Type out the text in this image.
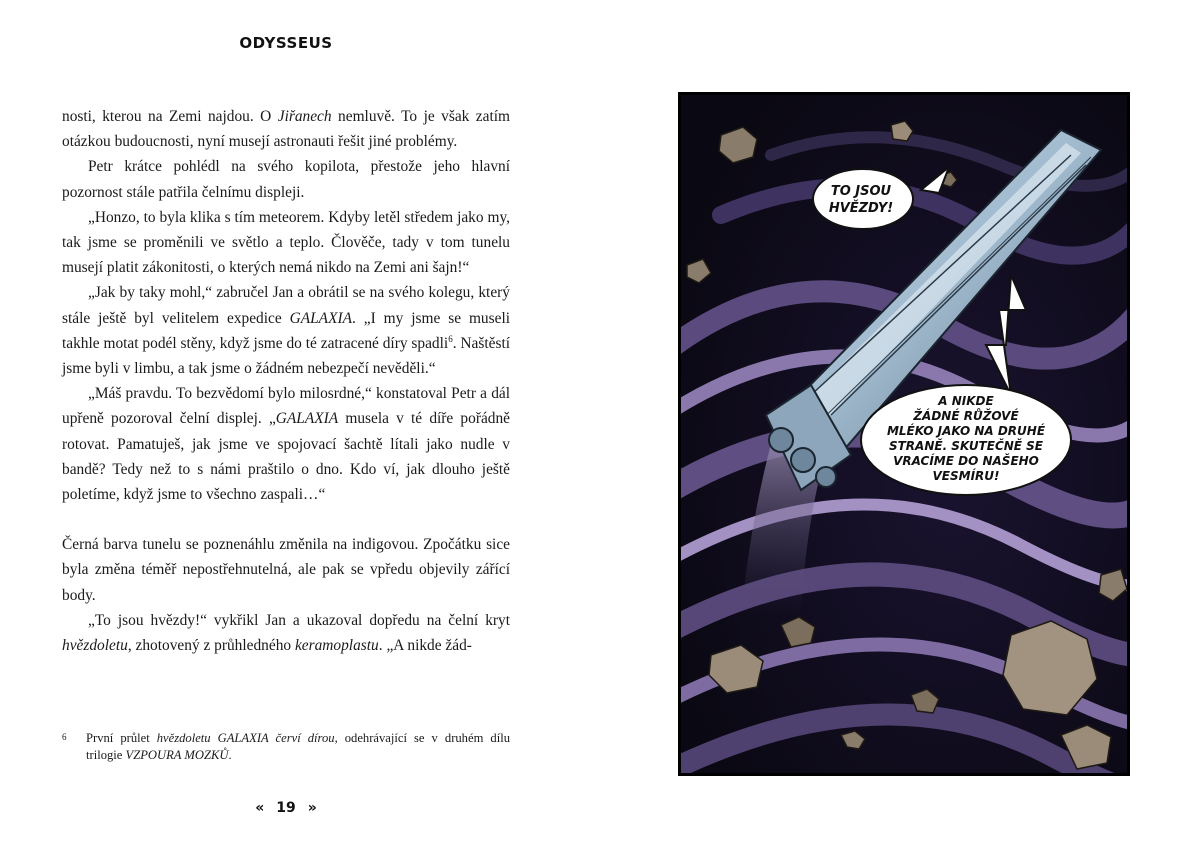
ODYSSEUS

nosti, kterou na Zemi najdou. O Jiřanech nemluvě. To je však zatím otázkou budoucnosti, nyní musejí astronauti řešit jiné problémy.

Petr krátce pohlédl na svého kopilota, přestože jeho hlavní pozornost stále patřila čelnímu displeji.

„Honzo, to byla klika s tím meteorem. Kdyby letěl středem jako my, tak jsme se proměnili ve světlo a teplo. Člověče, tady v tom tunelu musejí platit zákonitosti, o kterých nemá nikdo na Zemi ani šajn!“

„Jak by taky mohl,“ zabručel Jan a obrátil se na svého kolegu, který stále ještě byl velitelem expedice GALAXIA. „I my jsme se museli takhle motat podél stěny, když jsme do té zatracené díry spadli$^6$. Naštěstí jsme byli v limbu, a tak jsme o žádném nebezpečí nevěděli.“

„Máš pravdu. To bezvědomí bylo milosrdné,“ konstatoval Petr a dál upřeně pozoroval čelní displej. „GALAXIA musela v té díře pořádně rotovat. Pamatuješ, jak jsme ve spojovací šachtě lítali jako nudle v bandě? Tedy než to s námi praštilo o dno. Kdo ví, jak dlouho ještě poletíme, když jsme to všechno zaspali…“

Černá barva tunelu se poznenáhlu změnila na indigovou. Zpočátku sice byla změna téměř nepostřehnutelná, ale pak se vpředu objevily zářící body.

„To jsou hvězdy!“ vykřikl Jan a ukazoval dopředu na čelní kryt hvězdoletu, zhotovený z průhledného keramoplastu. „A nikde žád-

6	První průlet hvězdoletu GALAXIA červí dírou, odehrávající se v druhém dílu trilogie VZPOURA MOZKŮ.
« 19 »
TO JSOU
HVĚZDY!
A NIKDE
ŽÁDNÉ RŮŽOVÉ
MLÉKO JAKO NA DRUHÉ
STRANĚ. SKUTEČNĚ SE
VRACÍME DO NAŠEHO
VESMÍRU!
